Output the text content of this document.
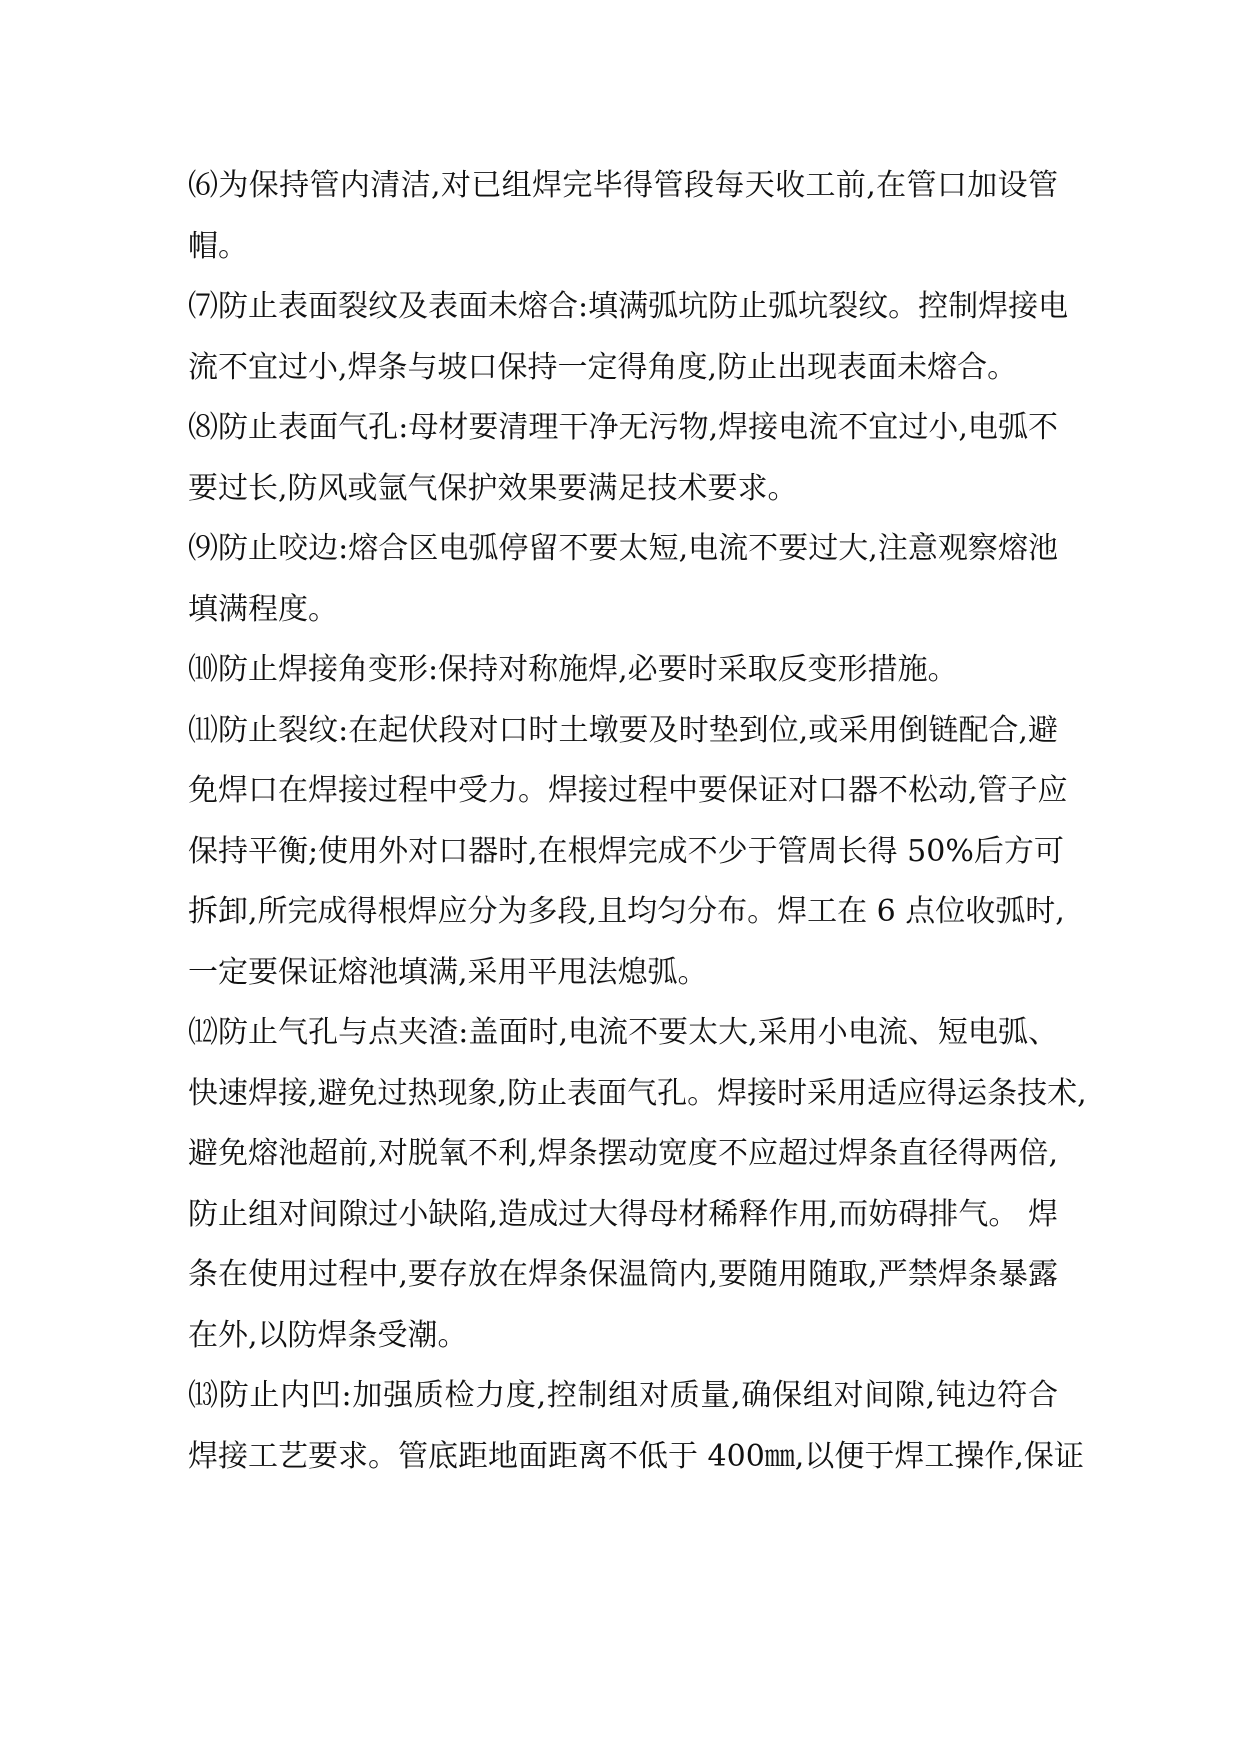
⑹为保持管内清洁,对已组焊完毕得管段每天收工前,在管口加设管
帽。
⑺防止表面裂纹及表面未熔合:填满弧坑防止弧坑裂纹。控制焊接电
流不宜过小,焊条与坡口保持一定得角度,防止出现表面未熔合。
⑻防止表面气孔:母材要清理干净无污物,焊接电流不宜过小,电弧不
要过长,防风或氩气保护效果要满足技术要求。
⑼防止咬边:熔合区电弧停留不要太短,电流不要过大,注意观察熔池
填满程度。
⑽防止焊接角变形:保持对称施焊,必要时采取反变形措施。
⑾防止裂纹:在起伏段对口时土墩要及时垫到位,或采用倒链配合,避
免焊口在焊接过程中受力。焊接过程中要保证对口器不松动,管子应
保持平衡;使用外对口器时,在根焊完成不少于管周长得 50%后方可
拆卸,所完成得根焊应分为多段,且均匀分布。焊工在 6 点位收弧时,
一定要保证熔池填满,采用平甩法熄弧。
⑿防止气孔与点夹渣:盖面时,电流不要太大,采用小电流、短电弧、
快速焊接,避免过热现象,防止表面气孔。焊接时采用适应得运条技术,
避免熔池超前,对脱氧不利,焊条摆动宽度不应超过焊条直径得两倍,
防止组对间隙过小缺陷,造成过大得母材稀释作用,而妨碍排气。 焊
条在使用过程中,要存放在焊条保温筒内,要随用随取,严禁焊条暴露
在外,以防焊条受潮。
⒀防止内凹:加强质检力度,控制组对质量,确保组对间隙,钝边符合
焊接工艺要求。管底距地面距离不低于 400㎜,以便于焊工操作,保证
